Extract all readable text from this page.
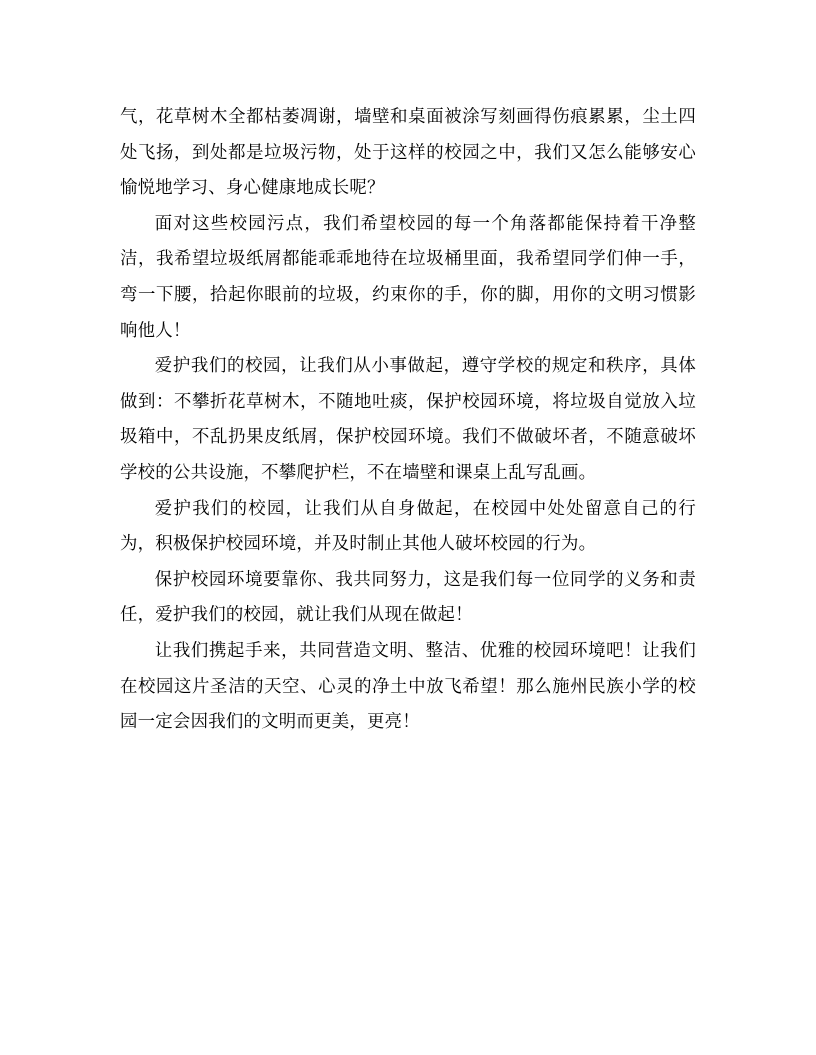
气，花草树木全都枯萎凋谢，墙壁和桌面被涂写刻画得伤痕累累，尘土四处飞扬，到处都是垃圾污物，处于这样的校园之中，我们又怎么能够安心愉悦地学习、身心健康地成长呢？

面对这些校园污点，我们希望校园的每一个角落都能保持着干净整洁，我希望垃圾纸屑都能乖乖地待在垃圾桶里面，我希望同学们伸一手，弯一下腰，拾起你眼前的垃圾，约束你的手，你的脚，用你的文明习惯影响他人！

爱护我们的校园，让我们从小事做起，遵守学校的规定和秩序，具体做到：不攀折花草树木，不随地吐痰，保护校园环境，将垃圾自觉放入垃圾箱中，不乱扔果皮纸屑，保护校园环境。我们不做破坏者，不随意破坏学校的公共设施，不攀爬护栏，不在墙壁和课桌上乱写乱画。

爱护我们的校园，让我们从自身做起，在校园中处处留意自己的行为，积极保护校园环境，并及时制止其他人破坏校园的行为。

保护校园环境要靠你、我共同努力，这是我们每一位同学的义务和责任，爱护我们的校园，就让我们从现在做起！

让我们携起手来，共同营造文明、整洁、优雅的校园环境吧！让我们在校园这片圣洁的天空、心灵的净土中放飞希望！那么施州民族小学的校园一定会因我们的文明而更美，更亮！
